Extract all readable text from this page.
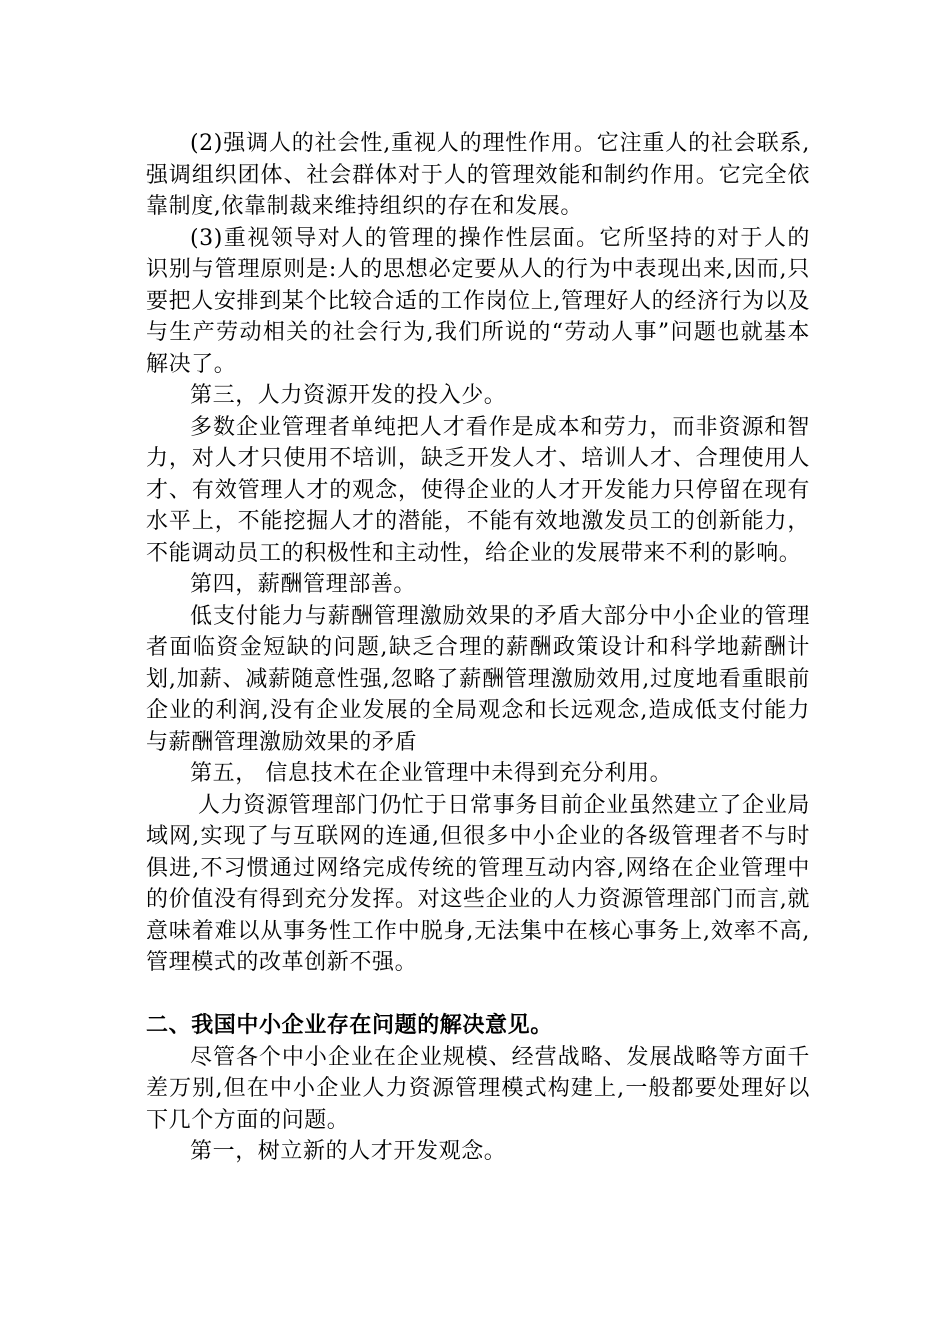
(2)强调人的社会性,重视人的理性作用。它注重人的社会联系,强调组织团体、社会群体对于人的管理效能和制约作用。它完全依靠制度,依靠制裁来维持组织的存在和发展。

(3)重视领导对人的管理的操作性层面。它所坚持的对于人的识别与管理原则是:人的思想必定要从人的行为中表现出来,因而,只要把人安排到某个比较合适的工作岗位上,管理好人的经济行为以及与生产劳动相关的社会行为,我们所说的“劳动人事”问题也就基本解决了。

第三，人力资源开发的投入少。

多数企业管理者单纯把人才看作是成本和劳力，而非资源和智力，对人才只使用不培训，缺乏开发人才、培训人才、合理使用人才、有效管理人才的观念，使得企业的人才开发能力只停留在现有水平上，不能挖掘人才的潜能，不能有效地激发员工的创新能力，不能调动员工的积极性和主动性，给企业的发展带来不利的影响。

第四，薪酬管理部善。

低支付能力与薪酬管理激励效果的矛盾大部分中小企业的管理者面临资金短缺的问题,缺乏合理的薪酬政策设计和科学地薪酬计划,加薪、减薪随意性强,忽略了薪酬管理激励效用,过度地看重眼前企业的利润,没有企业发展的全局观念和长远观念,造成低支付能力与薪酬管理激励效果的矛盾

第五， 信息技术在企业管理中未得到充分利用。

人力资源管理部门仍忙于日常事务目前企业虽然建立了企业局域网,实现了与互联网的连通,但很多中小企业的各级管理者不与时俱进,不习惯通过网络完成传统的管理互动内容,网络在企业管理中的价值没有得到充分发挥。对这些企业的人力资源管理部门而言,就意味着难以从事务性工作中脱身,无法集中在核心事务上,效率不高,管理模式的改革创新不强。

二、我国中小企业存在问题的解决意见。

尽管各个中小企业在企业规模、经营战略、发展战略等方面千差万别,但在中小企业人力资源管理模式构建上,一般都要处理好以下几个方面的问题。

第一，树立新的人才开发观念。
